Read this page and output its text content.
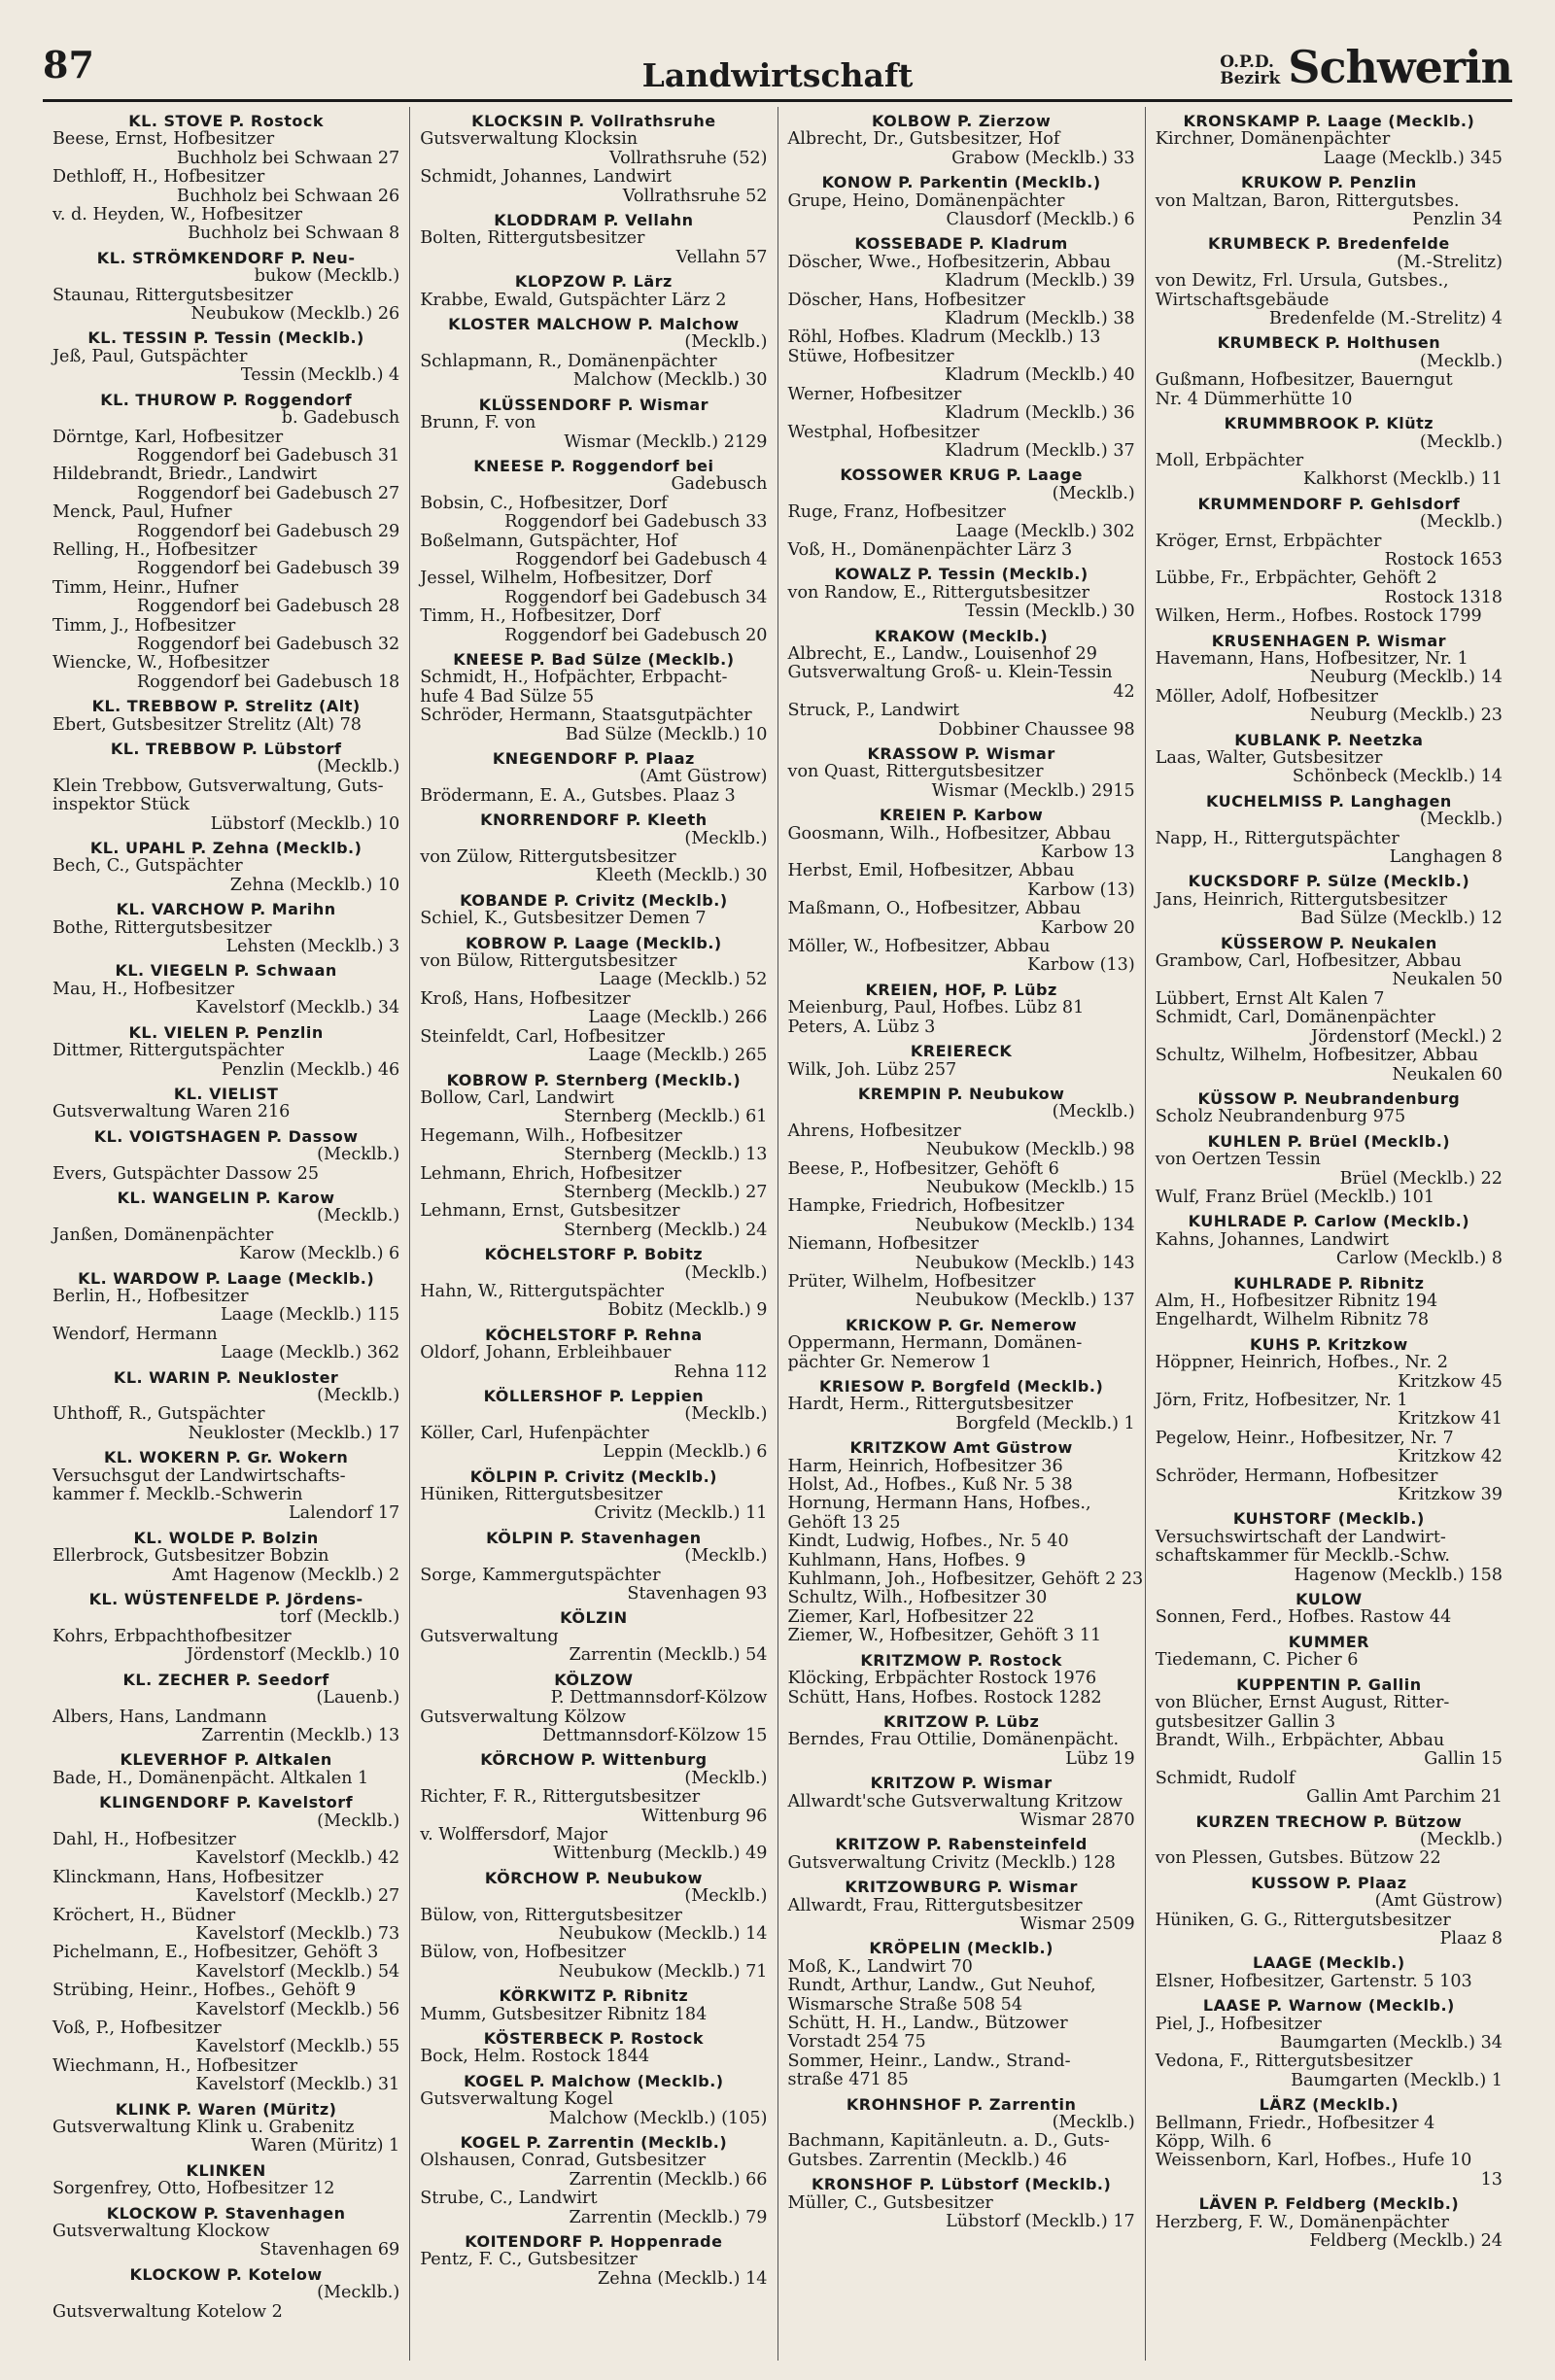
87	Landwirtschaft	O.P.D.
Bezirk Schwerin
KL. STOVE P. Rostock
Beese, Ernst, Hofbesitzer
Buchholz bei Schwaan 27
Dethloff, H., Hofbesitzer
Buchholz bei Schwaan 26
v. d. Heyden, W., Hofbesitzer
Buchholz bei Schwaan 8
KL. STRÖMKENDORF P. Neu-
bukow (Mecklb.)
Staunau, Rittergutsbesitzer
Neubukow (Mecklb.) 26
KL. TESSIN P. Tessin (Mecklb.)
Jeß, Paul, Gutspächter
Tessin (Mecklb.) 4
KL. THUROW P. Roggendorf
b. Gadebusch
Dörntge, Karl, Hofbesitzer
Roggendorf bei Gadebusch 31
Hildebrandt, Briedr., Landwirt
Roggendorf bei Gadebusch 27
Menck, Paul, Hufner
Roggendorf bei Gadebusch 29
Relling, H., Hofbesitzer
Roggendorf bei Gadebusch 39
Timm, Heinr., Hufner
Roggendorf bei Gadebusch 28
Timm, J., Hofbesitzer
Roggendorf bei Gadebusch 32
Wiencke, W., Hofbesitzer
Roggendorf bei Gadebusch 18
KL. TREBBOW P. Strelitz (Alt)
Ebert, Gutsbesitzer Strelitz (Alt) 78
KL. TREBBOW P. Lübstorf
(Mecklb.)
Klein Trebbow, Gutsverwaltung, Guts-
inspektor Stück
Lübstorf (Mecklb.) 10
KL. UPAHL P. Zehna (Mecklb.)
Bech, C., Gutspächter
Zehna (Mecklb.) 10
KL. VARCHOW P. Marihn
Bothe, Rittergutsbesitzer
Lehsten (Mecklb.) 3
KL. VIEGELN P. Schwaan
Mau, H., Hofbesitzer
Kavelstorf (Mecklb.) 34
KL. VIELEN P. Penzlin
Dittmer, Rittergutspächter
Penzlin (Mecklb.) 46
KL. VIELIST
Gutsverwaltung Waren 216
KL. VOIGTSHAGEN P. Dassow
(Mecklb.)
Evers, Gutspächter Dassow 25
KL. WANGELIN P. Karow
(Mecklb.)
Janßen, Domänenpächter
Karow (Mecklb.) 6
KL. WARDOW P. Laage (Mecklb.)
Berlin, H., Hofbesitzer
Laage (Mecklb.) 115
Wendorf, Hermann
Laage (Mecklb.) 362
KL. WARIN P. Neukloster
(Mecklb.)
Uhthoff, R., Gutspächter
Neukloster (Mecklb.) 17
KL. WOKERN P. Gr. Wokern
Versuchsgut der Landwirtschafts-
kammer f. Mecklb.-Schwerin
Lalendorf 17
KL. WOLDE P. Bolzin
Ellerbrock, Gutsbesitzer Bobzin
Amt Hagenow (Mecklb.) 2
KL. WÜSTENFELDE P. Jördens-
torf (Mecklb.)
Kohrs, Erbpachthofbesitzer
Jördenstorf (Mecklb.) 10
KL. ZECHER P. Seedorf
(Lauenb.)
Albers, Hans, Landmann
Zarrentin (Mecklb.) 13
KLEVERHOF P. Altkalen
Bade, H., Domänenpächt. Altkalen 1
KLINGENDORF P. Kavelstorf
(Mecklb.)
Dahl, H., Hofbesitzer
Kavelstorf (Mecklb.) 42
Klinckmann, Hans, Hofbesitzer
Kavelstorf (Mecklb.) 27
Kröchert, H., Büdner
Kavelstorf (Mecklb.) 73
Pichelmann, E., Hofbesitzer, Gehöft 3
Kavelstorf (Mecklb.) 54
Strübing, Heinr., Hofbes., Gehöft 9
Kavelstorf (Mecklb.) 56
Voß, P., Hofbesitzer
Kavelstorf (Mecklb.) 55
Wiechmann, H., Hofbesitzer
Kavelstorf (Mecklb.) 31
KLINK P. Waren (Müritz)
Gutsverwaltung Klink u. Grabenitz
Waren (Müritz) 1
KLINKEN
Sorgenfrey, Otto, Hofbesitzer 12
KLOCKOW P. Stavenhagen
Gutsverwaltung Klockow
Stavenhagen 69
KLOCKOW P. Kotelow
(Mecklb.)
Gutsverwaltung Kotelow 2
KLOCKSIN P. Vollrathsruhe
Gutsverwaltung Klocksin
Vollrathsruhe (52)
Schmidt, Johannes, Landwirt
Vollrathsruhe 52
KLODDRAM P. Vellahn
Bolten, Rittergutsbesitzer
Vellahn 57
KLOPZOW P. Lärz
Krabbe, Ewald, Gutspächter Lärz 2
KLOSTER MALCHOW P. Malchow
(Mecklb.)
Schlapmann, R., Domänenpächter
Malchow (Mecklb.) 30
KLÜSSENDORF P. Wismar
Brunn, F. von
Wismar (Mecklb.) 2129
KNEESE P. Roggendorf bei
Gadebusch
Bobsin, C., Hofbesitzer, Dorf
Roggendorf bei Gadebusch 33
Boßelmann, Gutspächter, Hof
Roggendorf bei Gadebusch 4
Jessel, Wilhelm, Hofbesitzer, Dorf
Roggendorf bei Gadebusch 34
Timm, H., Hofbesitzer, Dorf
Roggendorf bei Gadebusch 20
KNEESE P. Bad Sülze (Mecklb.)
Schmidt, H., Hofpächter, Erbpacht-
hufe 4 Bad Sülze 55
Schröder, Hermann, Staatsgutpächter
Bad Sülze (Mecklb.) 10
KNEGENDORF P. Plaaz
(Amt Güstrow)
Brödermann, E. A., Gutsbes. Plaaz 3
KNORRENDORF P. Kleeth
(Mecklb.)
von Zülow, Rittergutsbesitzer
Kleeth (Mecklb.) 30
KOBANDE P. Crivitz (Mecklb.)
Schiel, K., Gutsbesitzer Demen 7
KOBROW P. Laage (Mecklb.)
von Bülow, Rittergutsbesitzer
Laage (Mecklb.) 52
Kroß, Hans, Hofbesitzer
Laage (Mecklb.) 266
Steinfeldt, Carl, Hofbesitzer
Laage (Mecklb.) 265
KOBROW P. Sternberg (Mecklb.)
Bollow, Carl, Landwirt
Sternberg (Mecklb.) 61
Hegemann, Wilh., Hofbesitzer
Sternberg (Mecklb.) 13
Lehmann, Ehrich, Hofbesitzer
Sternberg (Mecklb.) 27
Lehmann, Ernst, Gutsbesitzer
Sternberg (Mecklb.) 24
KÖCHELSTORF P. Bobitz
(Mecklb.)
Hahn, W., Rittergutspächter
Bobitz (Mecklb.) 9
KÖCHELSTORF P. Rehna
Oldorf, Johann, Erbleihbauer
Rehna 112
KÖLLERSHOF P. Leppien
(Mecklb.)
Köller, Carl, Hufenpächter
Leppin (Mecklb.) 6
KÖLPIN P. Crivitz (Mecklb.)
Hüniken, Rittergutsbesitzer
Crivitz (Mecklb.) 11
KÖLPIN P. Stavenhagen
(Mecklb.)
Sorge, Kammergutspächter
Stavenhagen 93
KÖLZIN
Gutsverwaltung
Zarrentin (Mecklb.) 54
KÖLZOW
P. Dettmannsdorf-Kölzow
Gutsverwaltung Kölzow
Dettmannsdorf-Kölzow 15
KÖRCHOW P. Wittenburg
(Mecklb.)
Richter, F. R., Rittergutsbesitzer
Wittenburg 96
v. Wolffersdorf, Major
Wittenburg (Mecklb.) 49
KÖRCHOW P. Neubukow
(Mecklb.)
Bülow, von, Rittergutsbesitzer
Neubukow (Mecklb.) 14
Bülow, von, Hofbesitzer
Neubukow (Mecklb.) 71
KÖRKWITZ P. Ribnitz
Mumm, Gutsbesitzer Ribnitz 184
KÖSTERBECK P. Rostock
Bock, Helm. Rostock 1844
KOGEL P. Malchow (Mecklb.)
Gutsverwaltung Kogel
Malchow (Mecklb.) (105)
KOGEL P. Zarrentin (Mecklb.)
Olshausen, Conrad, Gutsbesitzer
Zarrentin (Mecklb.) 66
Strube, C., Landwirt
Zarrentin (Mecklb.) 79
KOITENDORF P. Hoppenrade
Pentz, F. C., Gutsbesitzer
Zehna (Mecklb.) 14
KOLBOW P. Zierzow
Albrecht, Dr., Gutsbesitzer, Hof
Grabow (Mecklb.) 33
KONOW P. Parkentin (Mecklb.)
Grupe, Heino, Domänenpächter
Clausdorf (Mecklb.) 6
KOSSEBADE P. Kladrum
Döscher, Wwe., Hofbesitzerin, Abbau
Kladrum (Mecklb.) 39
Döscher, Hans, Hofbesitzer
Kladrum (Mecklb.) 38
Röhl, Hofbes. Kladrum (Mecklb.) 13
Stüwe, Hofbesitzer
Kladrum (Mecklb.) 40
Werner, Hofbesitzer
Kladrum (Mecklb.) 36
Westphal, Hofbesitzer
Kladrum (Mecklb.) 37
KOSSOWER KRUG P. Laage
(Mecklb.)
Ruge, Franz, Hofbesitzer
Laage (Mecklb.) 302
Voß, H., Domänenpächter Lärz 3
KOWALZ P. Tessin (Mecklb.)
von Randow, E., Rittergutsbesitzer
Tessin (Mecklb.) 30
KRAKOW (Mecklb.)
Albrecht, E., Landw., Louisenhof 29
Gutsverwaltung Groß- u. Klein-Tessin
42
Struck, P., Landwirt
Dobbiner Chaussee 98
KRASSOW P. Wismar
von Quast, Rittergutsbesitzer
Wismar (Mecklb.) 2915
KREIEN P. Karbow
Goosmann, Wilh., Hofbesitzer, Abbau
Karbow 13
Herbst, Emil, Hofbesitzer, Abbau
Karbow (13)
Maßmann, O., Hofbesitzer, Abbau
Karbow 20
Möller, W., Hofbesitzer, Abbau
Karbow (13)
KREIEN, HOF, P. Lübz
Meienburg, Paul, Hofbes. Lübz 81
Peters, A. Lübz 3
KREIERECK
Wilk, Joh. Lübz 257
KREMPIN P. Neubukow
(Mecklb.)
Ahrens, Hofbesitzer
Neubukow (Mecklb.) 98
Beese, P., Hofbesitzer, Gehöft 6
Neubukow (Mecklb.) 15
Hampke, Friedrich, Hofbesitzer
Neubukow (Mecklb.) 134
Niemann, Hofbesitzer
Neubukow (Mecklb.) 143
Prüter, Wilhelm, Hofbesitzer
Neubukow (Mecklb.) 137
KRICKOW P. Gr. Nemerow
Oppermann, Hermann, Domänen-
pächter Gr. Nemerow 1
KRIESOW P. Borgfeld (Mecklb.)
Hardt, Herm., Rittergutsbesitzer
Borgfeld (Mecklb.) 1
KRITZKOW Amt Güstrow
Harm, Heinrich, Hofbesitzer 36
Holst, Ad., Hofbes., Kuß Nr. 5 38
Hornung, Hermann Hans, Hofbes.,
Gehöft 13 25
Kindt, Ludwig, Hofbes., Nr. 5 40
Kuhlmann, Hans, Hofbes. 9
Kuhlmann, Joh., Hofbesitzer, Gehöft 2 23
Schultz, Wilh., Hofbesitzer 30
Ziemer, Karl, Hofbesitzer 22
Ziemer, W., Hofbesitzer, Gehöft 3 11
KRITZMOW P. Rostock
Klöcking, Erbpächter Rostock 1976
Schütt, Hans, Hofbes. Rostock 1282
KRITZOW P. Lübz
Berndes, Frau Ottilie, Domänenpächt.
Lübz 19
KRITZOW P. Wismar
Allwardt'sche Gutsverwaltung Kritzow
Wismar 2870
KRITZOW P. Rabensteinfeld
Gutsverwaltung Crivitz (Mecklb.) 128
KRITZOWBURG P. Wismar
Allwardt, Frau, Rittergutsbesitzer
Wismar 2509
KRÖPELIN (Mecklb.)
Moß, K., Landwirt 70
Rundt, Arthur, Landw., Gut Neuhof,
Wismarsche Straße 508 54
Schütt, H. H., Landw., Bützower
Vorstadt 254 75
Sommer, Heinr., Landw., Strand-
straße 471 85
KROHNSHOF P. Zarrentin
(Mecklb.)
Bachmann, Kapitänleutn. a. D., Guts-
Gutsbes. Zarrentin (Mecklb.) 46
KRONSHOF P. Lübstorf (Mecklb.)
Müller, C., Gutsbesitzer
Lübstorf (Mecklb.) 17
KRONSKAMP P. Laage (Mecklb.)
Kirchner, Domänenpächter
Laage (Mecklb.) 345
KRUKOW P. Penzlin
von Maltzan, Baron, Rittergutsbes.
Penzlin 34
KRUMBECK P. Bredenfelde
(M.-Strelitz)
von Dewitz, Frl. Ursula, Gutsbes.,
Wirtschaftsgebäude
Bredenfelde (M.-Strelitz) 4
KRUMBECK P. Holthusen
(Mecklb.)
Gußmann, Hofbesitzer, Bauerngut
Nr. 4 Dümmerhütte 10
KRUMMBROOK P. Klütz
(Mecklb.)
Moll, Erbpächter
Kalkhorst (Mecklb.) 11
KRUMMENDORF P. Gehlsdorf
(Mecklb.)
Kröger, Ernst, Erbpächter
Rostock 1653
Lübbe, Fr., Erbpächter, Gehöft 2
Rostock 1318
Wilken, Herm., Hofbes. Rostock 1799
KRUSENHAGEN P. Wismar
Havemann, Hans, Hofbesitzer, Nr. 1
Neuburg (Mecklb.) 14
Möller, Adolf, Hofbesitzer
Neuburg (Mecklb.) 23
KUBLANK P. Neetzka
Laas, Walter, Gutsbesitzer
Schönbeck (Mecklb.) 14
KUCHELMISS P. Langhagen
(Mecklb.)
Napp, H., Rittergutspächter
Langhagen 8
KUCKSDORF P. Sülze (Mecklb.)
Jans, Heinrich, Rittergutsbesitzer
Bad Sülze (Mecklb.) 12
KÜSSEROW P. Neukalen
Grambow, Carl, Hofbesitzer, Abbau
Neukalen 50
Lübbert, Ernst Alt Kalen 7
Schmidt, Carl, Domänenpächter
Jördenstorf (Meckl.) 2
Schultz, Wilhelm, Hofbesitzer, Abbau
Neukalen 60
KÜSSOW P. Neubrandenburg
Scholz Neubrandenburg 975
KUHLEN P. Brüel (Mecklb.)
von Oertzen Tessin
Brüel (Mecklb.) 22
Wulf, Franz Brüel (Mecklb.) 101
KUHLRADE P. Carlow (Mecklb.)
Kahns, Johannes, Landwirt
Carlow (Mecklb.) 8
KUHLRADE P. Ribnitz
Alm, H., Hofbesitzer Ribnitz 194
Engelhardt, Wilhelm Ribnitz 78
KUHS P. Kritzkow
Höppner, Heinrich, Hofbes., Nr. 2
Kritzkow 45
Jörn, Fritz, Hofbesitzer, Nr. 1
Kritzkow 41
Pegelow, Heinr., Hofbesitzer, Nr. 7
Kritzkow 42
Schröder, Hermann, Hofbesitzer
Kritzkow 39
KUHSTORF (Mecklb.)
Versuchswirtschaft der Landwirt-
schaftskammer für Mecklb.-Schw.
Hagenow (Mecklb.) 158
KULOW
Sonnen, Ferd., Hofbes. Rastow 44
KUMMER
Tiedemann, C. Picher 6
KUPPENTIN P. Gallin
von Blücher, Ernst August, Ritter-
gutsbesitzer Gallin 3
Brandt, Wilh., Erbpächter, Abbau
Gallin 15
Schmidt, Rudolf
Gallin Amt Parchim 21
KURZEN TRECHOW P. Bützow
(Mecklb.)
von Plessen, Gutsbes. Bützow 22
KUSSOW P. Plaaz
(Amt Güstrow)
Hüniken, G. G., Rittergutsbesitzer
Plaaz 8
LAAGE (Mecklb.)
Elsner, Hofbesitzer, Gartenstr. 5 103
LAASE P. Warnow (Mecklb.)
Piel, J., Hofbesitzer
Baumgarten (Mecklb.) 34
Vedona, F., Rittergutsbesitzer
Baumgarten (Mecklb.) 1
LÄRZ (Mecklb.)
Bellmann, Friedr., Hofbesitzer 4
Köpp, Wilh. 6
Weissenborn, Karl, Hofbes., Hufe 10
13
LÄVEN P. Feldberg (Mecklb.)
Herzberg, F. W., Domänenpächter
Feldberg (Mecklb.) 24
